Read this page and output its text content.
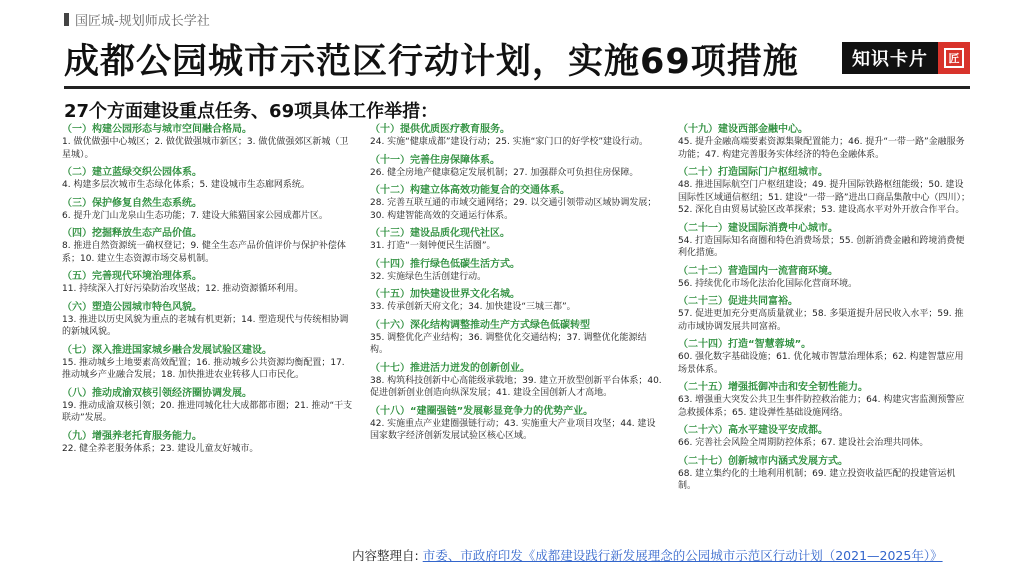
国匠城-规划师成长学社
成都公园城市示范区行动计划，实施69项措施	知识卡片	匠
27个方面建设重点任务、69项具体工作举措：
（一）构建公园形态与城市空间融合格局。
1. 做优做强中心城区；2. 做优做强城市新区；3. 做优做强郊区新城（卫星城）。
（二）建立蓝绿交织公园体系。
4. 构建多层次城市生态绿化体系；5. 建设城市生态廊网系统。
（三）保护修复自然生态系统。
6. 提升龙门山龙泉山生态功能；7. 建设大熊猫国家公园成都片区。
（四）挖掘释放生态产品价值。
8. 推进自然资源统一确权登记；9. 健全生态产品价值评价与保护补偿体系；10. 建立生态资源市场交易机制。
（五）完善现代环境治理体系。
11. 持续深入打好污染防治攻坚战；12. 推动资源循环利用。
（六）塑造公园城市特色风貌。
13. 推进以历史风貌为重点的老城有机更新；14. 塑造现代与传统相协调的新城风貌。
（七）深入推进国家城乡融合发展试验区建设。
15. 推动城乡土地要素高效配置；16. 推动城乡公共资源均衡配置；17. 推动城乡产业融合发展；18. 加快推进农业转移人口市民化。
（八）推动成渝双核引领经济圈协调发展。
19. 推动成渝双核引领；20. 推进同城化壮大成都都市圈；21. 推动“干支联动”发展。
（九）增强养老托育服务能力。
22. 健全养老服务体系；23. 建设儿童友好城市。
（十）提供优质医疗教育服务。
24. 实施“健康成都”建设行动；25. 实施“家门口的好学校”建设行动。
（十一）完善住房保障体系。
26. 健全房地产健康稳定发展机制；27. 加强群众可负担住房保障。
（十二）构建立体高效功能复合的交通体系。
28. 完善互联互通的市域交通网络；29. 以交通引领带动区域协调发展；30. 构建智能高效的交通运行体系。
（十三）建设品质化现代社区。
31. 打造“一刻钟便民生活圈”。
（十四）推行绿色低碳生活方式。
32. 实施绿色生活创建行动。
（十五）加快建设世界文化名城。
33. 传承创新天府文化；34. 加快建设“三城三都”。
（十六）深化结构调整推动生产方式绿色低碳转型
35. 调整优化产业结构；36. 调整优化交通结构；37. 调整优化能源结构。
（十七）推进活力迸发的创新创业。
38. 构筑科技创新中心高能级承载地；39. 建立开放型创新平台体系；40. 促进创新创业创造向纵深发展；41. 建设全国创新人才高地。
（十八）“建圈强链”发展彰显竞争力的优势产业。
42. 实施重点产业建圈强链行动；43. 实施重大产业项目攻坚；44. 建设国家数字经济创新发展试验区核心区域。
（十九）建设西部金融中心。
45. 提升金融高端要素资源集聚配置能力；46. 提升“一带一路”金融服务功能；47. 构建完善服务实体经济的特色金融体系。
（二十）打造国际门户枢纽城市。
48. 推进国际航空门户枢纽建设；49. 提升国际铁路枢纽能级；50. 建设国际性区域通信枢纽；51. 建设“一带一路”进出口商品集散中心（四川）；52. 深化自由贸易试验区改革探索；53. 建设高水平对外开放合作平台。
（二十一）建设国际消费中心城市。
54. 打造国际知名商圈和特色消费场景；55. 创新消费金融和跨境消费便利化措施。
（二十二）营造国内一流营商环境。
56. 持续优化市场化法治化国际化营商环境。
（二十三）促进共同富裕。
57. 促进更加充分更高质量就业；58. 多渠道提升居民收入水平；59. 推动市域协调发展共同富裕。
（二十四）打造“智慧蓉城”。
60. 强化数字基础设施；61. 优化城市智慧治理体系；62. 构建智慧应用场景体系。
（二十五）增强抵御冲击和安全韧性能力。
63. 增强重大突发公共卫生事件防控救治能力；64. 构建灾害监测预警应急救援体系；65. 建设弹性基础设施网络。
（二十六）高水平建设平安成都。
66. 完善社会风险全周期防控体系；67. 建设社会治理共同体。
（二十七）创新城市内涵式发展方式。
68. 建立集约化的土地利用机制；69. 建立投资收益匹配的投建管运机制。
内容整理自: 市委、市政府印发《成都建设践行新发展理念的公园城市示范区行动计划（2021—2025年）》
